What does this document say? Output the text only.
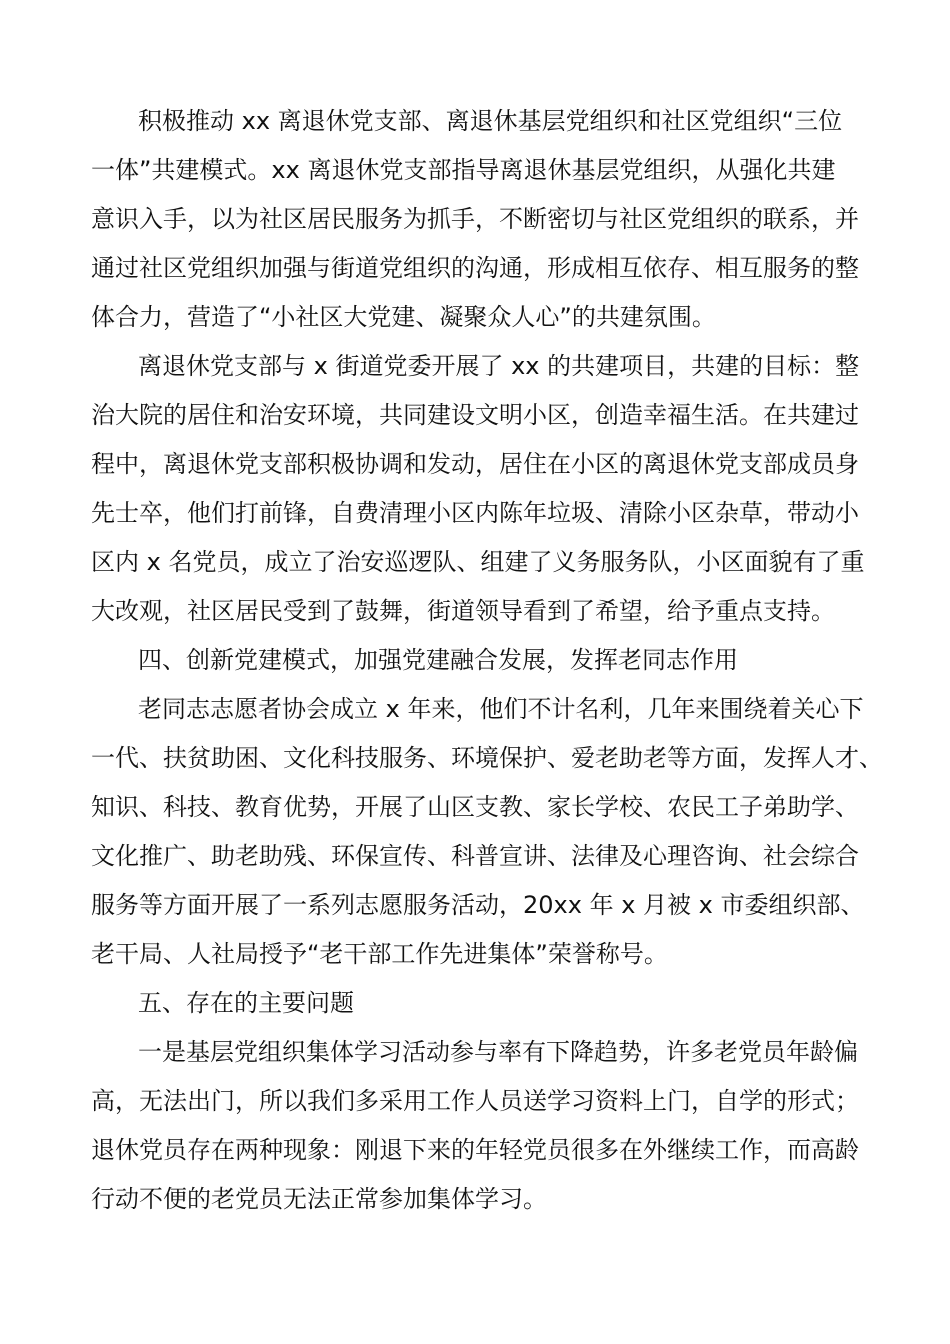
积极推动 xx 离退休党支部、离退休基层党组织和社区党组织“三位
一体”共建模式。xx 离退休党支部指导离退休基层党组织，从强化共建
意识入手，以为社区居民服务为抓手，不断密切与社区党组织的联系，并
通过社区党组织加强与街道党组织的沟通，形成相互依存、相互服务的整
体合力，营造了“小社区大党建、凝聚众人心”的共建氛围。
离退休党支部与 x 街道党委开展了 xx 的共建项目，共建的目标：整
治大院的居住和治安环境，共同建设文明小区，创造幸福生活。在共建过
程中，离退休党支部积极协调和发动，居住在小区的离退休党支部成员身
先士卒，他们打前锋，自费清理小区内陈年垃圾、清除小区杂草，带动小
区内 x 名党员，成立了治安巡逻队、组建了义务服务队，小区面貌有了重
大改观，社区居民受到了鼓舞，街道领导看到了希望，给予重点支持。
四、创新党建模式，加强党建融合发展，发挥老同志作用
老同志志愿者协会成立 x 年来，他们不计名利，几年来围绕着关心下
一代、扶贫助困、文化科技服务、环境保护、爱老助老等方面，发挥人才、
知识、科技、教育优势，开展了山区支教、家长学校、农民工子弟助学、
文化推广、助老助残、环保宣传、科普宣讲、法律及心理咨询、社会综合
服务等方面开展了一系列志愿服务活动，20xx 年 x 月被 x 市委组织部、
老干局、人社局授予“老干部工作先进集体”荣誉称号。
五、存在的主要问题
一是基层党组织集体学习活动参与率有下降趋势，许多老党员年龄偏
高，无法出门，所以我们多采用工作人员送学习资料上门，自学的形式；
退休党员存在两种现象：刚退下来的年轻党员很多在外继续工作，而高龄
行动不便的老党员无法正常参加集体学习。
